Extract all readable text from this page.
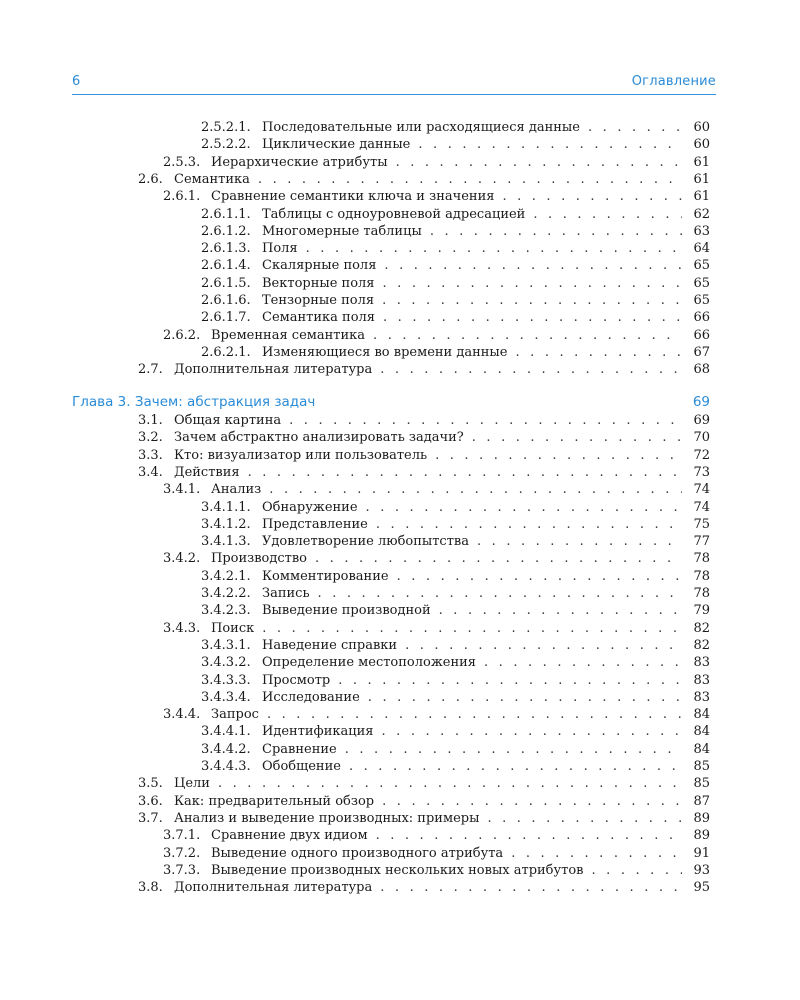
6	Оглавление
2.5.2.1. Последовательные или расходящиеся данные . . .	60
2.5.2.2. Циклические данные . . .	60
2.5.3. Иерархические атрибуты . . .	61
2.6. Семантика . . .	61
2.6.1. Сравнение семантики ключа и значения . . .	61
2.6.1.1. Таблицы с одноуровневой адресацией . . .	62
2.6.1.2. Многомерные таблицы . . .	63
2.6.1.3. Поля . . .	64
2.6.1.4. Скалярные поля . . .	65
2.6.1.5. Векторные поля . . .	65
2.6.1.6. Тензорные поля . . .	65
2.6.1.7. Семантика поля . . .	66
2.6.2. Временная семантика . . .	66
2.6.2.1. Изменяющиеся во времени данные . . .	67
2.7. Дополнительная литература . . .	68
Глава 3. Зачем: абстракция задач	69
3.1. Общая картина . . .	69
3.2. Зачем абстрактно анализировать задачи? . . .	70
3.3. Кто: визуализатор или пользователь . . .	72
3.4. Действия . . .	73
3.4.1. Анализ . . .	74
3.4.1.1. Обнаружение . . .	74
3.4.1.2. Представление . . .	75
3.4.1.3. Удовлетворение любопытства . . .	77
3.4.2. Производство . . .	78
3.4.2.1. Комментирование . . .	78
3.4.2.2. Запись . . .	78
3.4.2.3. Выведение производной . . .	79
3.4.3. Поиск . . .	82
3.4.3.1. Наведение справки . . .	82
3.4.3.2. Определение местоположения . . .	83
3.4.3.3. Просмотр . . .	83
3.4.3.4. Исследование . . .	83
3.4.4. Запрос . . .	84
3.4.4.1. Идентификация . . .	84
3.4.4.2. Сравнение . . .	84
3.4.4.3. Обобщение . . .	85
3.5. Цели . . .	85
3.6. Как: предварительный обзор . . .	87
3.7. Анализ и выведение производных: примеры . . .	89
3.7.1. Сравнение двух идиом . . .	89
3.7.2. Выведение одного производного атрибута . . .	91
3.7.3. Выведение производных нескольких новых атрибутов . . .	93
3.8. Дополнительная литература . . .	95
